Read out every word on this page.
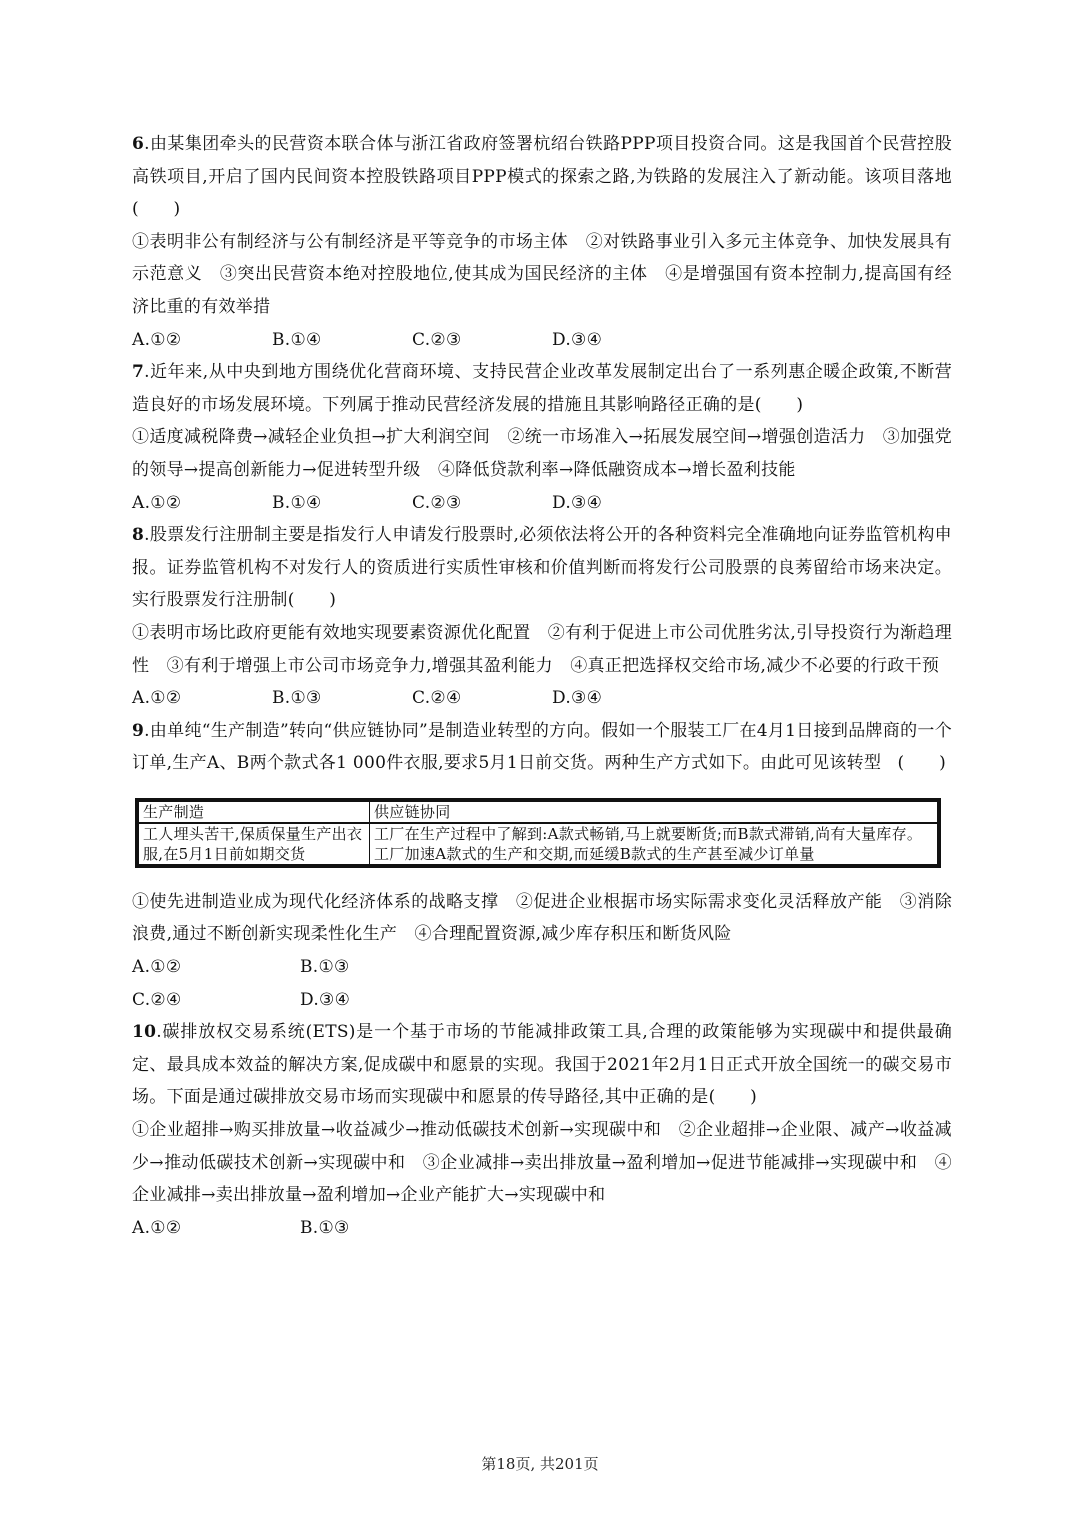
6.由某集团牵头的民营资本联合体与浙江省政府签署杭绍台铁路PPP项目投资合同。这是我国首个民营控股高铁项目,开启了国内民间资本控股铁路项目PPP模式的探索之路,为铁路的发展注入了新动能。该项目落地(　　)
①表明非公有制经济与公有制经济是平等竞争的市场主体　②对铁路事业引入多元主体竞争、加快发展具有示范意义　③突出民营资本绝对控股地位,使其成为国民经济的主体　④是增强国有资本控制力,提高国有经济比重的有效举措
A.①②	B.①④	C.②③	D.③④
7.近年来,从中央到地方围绕优化营商环境、支持民营企业改革发展制定出台了一系列惠企暖企政策,不断营造良好的市场发展环境。下列属于推动民营经济发展的措施且其影响路径正确的是(　　)
①适度减税降费→减轻企业负担→扩大利润空间　②统一市场准入→拓展发展空间→增强创造活力　③加强党的领导→提高创新能力→促进转型升级　④降低贷款利率→降低融资成本→增长盈利技能
A.①②	B.①④	C.②③	D.③④
8.股票发行注册制主要是指发行人申请发行股票时,必须依法将公开的各种资料完全准确地向证券监管机构申报。证券监管机构不对发行人的资质进行实质性审核和价值判断而将发行公司股票的良莠留给市场来决定。实行股票发行注册制(　　)
①表明市场比政府更能有效地实现要素资源优化配置　②有利于促进上市公司优胜劣汰,引导投资行为渐趋理性　③有利于增强上市公司市场竞争力,增强其盈利能力　④真正把选择权交给市场,减少不必要的行政干预
A.①②	B.①③	C.②④	D.③④
9.由单纯“生产制造”转向“供应链协同”是制造业转型的方向。假如一个服装工厂在4月1日接到品牌商的一个订单,生产A、B两个款式各1 000件衣服,要求5月1日前交货。两种生产方式如下。由此可见该转型 (　　)
生产制造	供应链协同
工人埋头苦干,保质保量生产出衣服,在5月1日前如期交货	工厂在生产过程中了解到:A款式畅销,马上就要断货;而B款式滞销,尚有大量库存。工厂加速A款式的生产和交期,而延缓B款式的生产甚至减少订单量
①使先进制造业成为现代化经济体系的战略支撑　②促进企业根据市场实际需求变化灵活释放产能　③消除浪费,通过不断创新实现柔性化生产　④合理配置资源,减少库存积压和断货风险
A.①②	B.①③
C.②④	D.③④
10.碳排放权交易系统(ETS)是一个基于市场的节能减排政策工具,合理的政策能够为实现碳中和提供最确定、最具成本效益的解决方案,促成碳中和愿景的实现。我国于2021年2月1日正式开放全国统一的碳交易市场。下面是通过碳排放交易市场而实现碳中和愿景的传导路径,其中正确的是(　　)
①企业超排→购买排放量→收益减少→推动低碳技术创新→实现碳中和　②企业超排→企业限、减产→收益减少→推动低碳技术创新→实现碳中和　③企业减排→卖出排放量→盈利增加→促进节能减排→实现碳中和　④企业减排→卖出排放量→盈利增加→企业产能扩大→实现碳中和
A.①②	B.①③
第18页, 共201页
